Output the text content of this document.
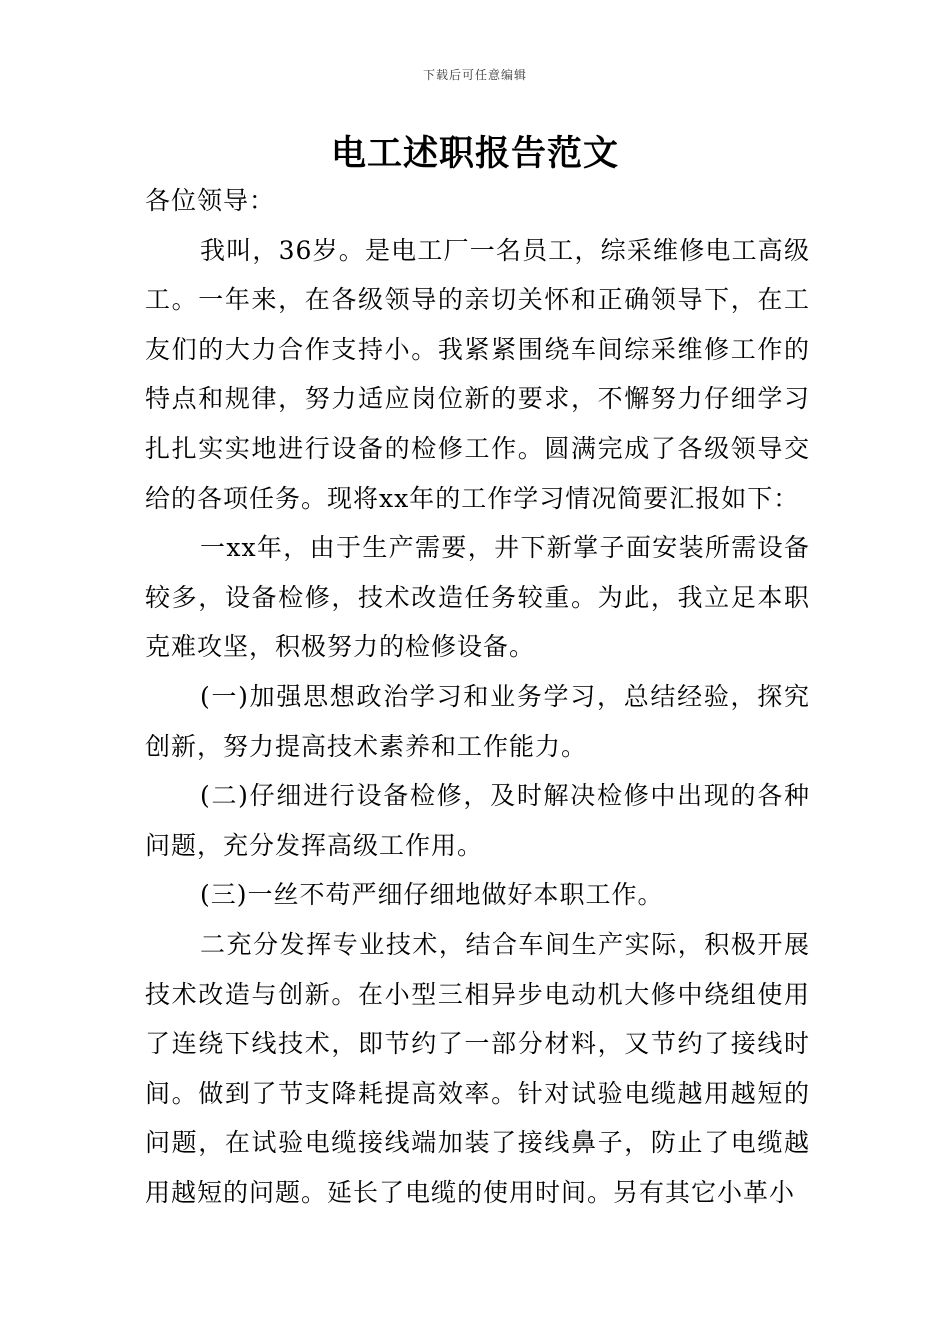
下载后可任意编辑
电工述职报告范文

各位领导：

我叫，36岁。是电工厂一名员工，综采维修电工高级工。一年来，在各级领导的亲切关怀和正确领导下，在工友们的大力合作支持小。我紧紧围绕车间综采维修工作的特点和规律，努力适应岗位新的要求，不懈努力仔细学习扎扎实实地进行设备的检修工作。圆满完成了各级领导交给的各项任务。现将xx年的工作学习情况简要汇报如下：

一xx年，由于生产需要，井下新掌子面安装所需设备较多，设备检修，技术改造任务较重。为此，我立足本职克难攻坚，积极努力的检修设备。

(一)加强思想政治学习和业务学习，总结经验，探究创新，努力提高技术素养和工作能力。

(二)仔细进行设备检修，及时解决检修中出现的各种问题，充分发挥高级工作用。

(三)一丝不苟严细仔细地做好本职工作。

二充分发挥专业技术，结合车间生产实际，积极开展技术改造与创新。在小型三相异步电动机大修中绕组使用了连绕下线技术，即节约了一部分材料，又节约了接线时间。做到了节支降耗提高效率。针对试验电缆越用越短的问题，在试验电缆接线端加装了接线鼻子，防止了电缆越用越短的问题。延长了电缆的使用时间。另有其它小革小
